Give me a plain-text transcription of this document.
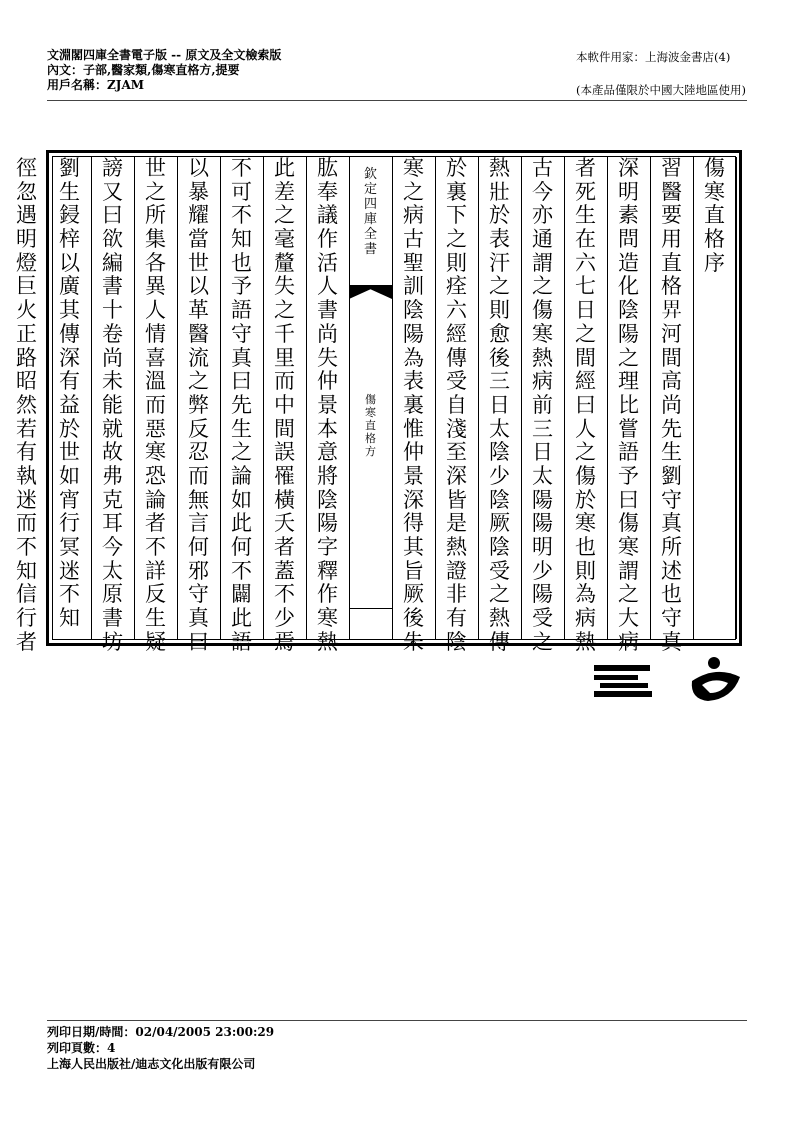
文淵閣四庫全書電子版 -- 原文及全文檢索版
內文：子部,醫家類,傷寒直格方,提要
用戶名稱：ZJAM
本軟件用家：上海波金書店(4)
(本產品僅限於中國大陸地區使用)
傷
寒
直
格
序
習
醫
要
用
直
格
𢌿
河
間
高
尚
先
生
劉
守
真
所
述
也
守
真
深
明
素
問
造
化
陰
陽
之
理
比
嘗
語
予
曰
傷
寒
謂
之
大
病
者
死
生
在
六
七
日
之
間
經
曰
人
之
傷
於
寒
也
則
為
病
熱
古
今
亦
通
謂
之
傷
寒
熱
病
前
三
日
太
陽
陽
明
少
陽
受
之
熱
壯
於
表
汗
之
則
愈
後
三
日
太
陰
少
陰
厥
陰
受
之
熱
傳
於
裏
下
之
則
痊
六
經
傳
受
自
淺
至
深
皆
是
熱
證
非
有
陰
寒
之
病
古
聖
訓
陰
陽
為
表
裏
惟
仲
景
深
得
其
旨
厥
後
朱
欽
定
四
庫
全
書
傷
寒
直
格
方
肱
奉
議
作
活
人
書
尚
失
仲
景
本
意
將
陰
陽
字
釋
作
寒
熱
此
差
之
毫
釐
失
之
千
里
而
中
間
誤
罹
橫
夭
者
蓋
不
少
焉
不
可
不
知
也
予
語
守
真
曰
先
生
之
論
如
此
何
不
闢
此
語
以
暴
耀
當
世
以
革
醫
流
之
弊
反
忍
而
無
言
何
邪
守
真
曰
世
之
所
集
各
異
人
情
喜
溫
而
惡
寒
恐
論
者
不
詳
反
生
疑
謗
又
曰
欲
編
書
十
卷
尚
未
能
就
故
弗
克
耳
今
太
原
書
坊
劉
生
鋟
梓
以
廣
其
傳
深
有
益
於
世
如
宵
行
冥
迷
不
知
徑
忽
遇
明
燈
巨
火
正
路
昭
然
若
有
執
迷
而
不
知
信
行
者
列印日期/時間：02/04/2005 23:00:29
列印頁數：4
上海人民出版社/迪志文化出版有限公司
